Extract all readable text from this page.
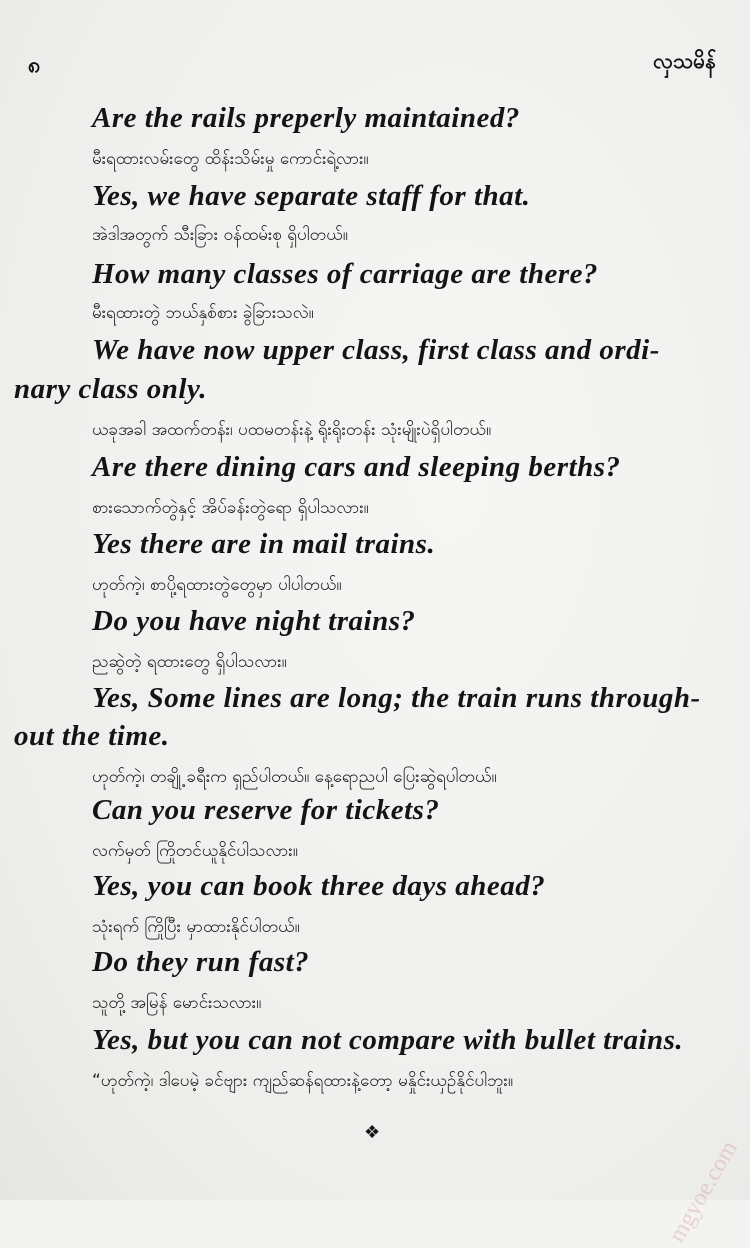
၈	လှသမိန်
Are the rails preperly maintained?
မီးရထားလမ်းတွေ ထိန်းသိမ်းမှု ကောင်းရဲ့လား။
Yes, we have separate staff for that.
အဲဒါအတွက် သီးခြား ဝန်ထမ်းစု ရှိပါတယ်။
How many classes of carriage are there?
မီးရထားတွဲ ဘယ်နှစ်စား ခွဲခြားသလဲ။
We have now upper class, first class and ordi-
nary class only.
ယခုအခါ အထက်တန်း၊ ပထမတန်းနဲ့ ရိုးရိုးတန်း သုံးမျိုးပဲရှိပါတယ်။
Are there dining cars and sleeping berths?
စားသောက်တွဲနှင့် အိပ်ခန်းတွဲရော ရှိပါသလား။
Yes there are in mail trains.
ဟုတ်ကဲ့၊ စာပို့ရထားတွဲတွေမှာ ပါပါတယ်။
Do you have night trains?
ညဆွဲတဲ့ ရထားတွေ ရှိပါသလား။
Yes, Some lines are long; the train runs through-
out the time.
ဟုတ်ကဲ့၊ တချို့ ခရီးက ရှည်ပါတယ်။ နေ့ရောညပါ ပြေးဆွဲရပါတယ်။
Can you reserve for tickets?
လက်မှတ် ကြိုတင်ယူနိုင်ပါသလား။
Yes, you can book three days ahead?
သုံးရက် ကြိုပြီး မှာထားနိုင်ပါတယ်။
Do they run fast?
သူတို့ အမြန် မောင်းသလား။
Yes, but you can not compare with bullet trains.
“ဟုတ်ကဲ့၊ ဒါပေမဲ့ ခင်ဗျား ကျည်ဆန်ရထားနဲ့တော့ မနှိုင်းယှဉ်နိုင်ပါဘူး။
❖
mgyoe.com
